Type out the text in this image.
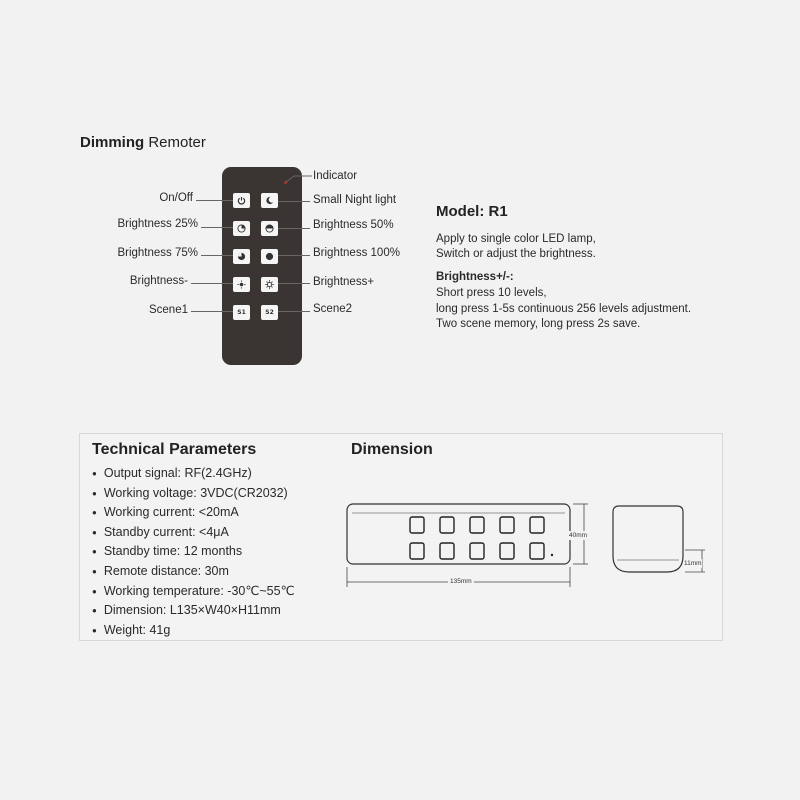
Dimming Remoter
S1	S2
On/Off
Brightness 25%
Brightness 75%
Brightness-
Scene1
Indicator
Small Night light
Brightness 50%
Brightness 100%
Brightness+
Scene2
Model: R1
Apply to single color LED lamp,
Switch or adjust the brightness.
Brightness+/-:
Short press 10 levels,
long press 1-5s continuous 256 levels adjustment.
Two scene memory, long press 2s save.
Technical Parameters	Dimension
● Output signal: RF(2.4GHz)
● Working voltage: 3VDC(CR2032)
● Working current: <20mA
● Standby current: <4μA
● Standby time: 12 months
● Remote distance: 30m
● Working temperature: -30℃~55℃
● Dimension: L135×W40×H11mm
● Weight: 41g
135mm
40mm
11mm
